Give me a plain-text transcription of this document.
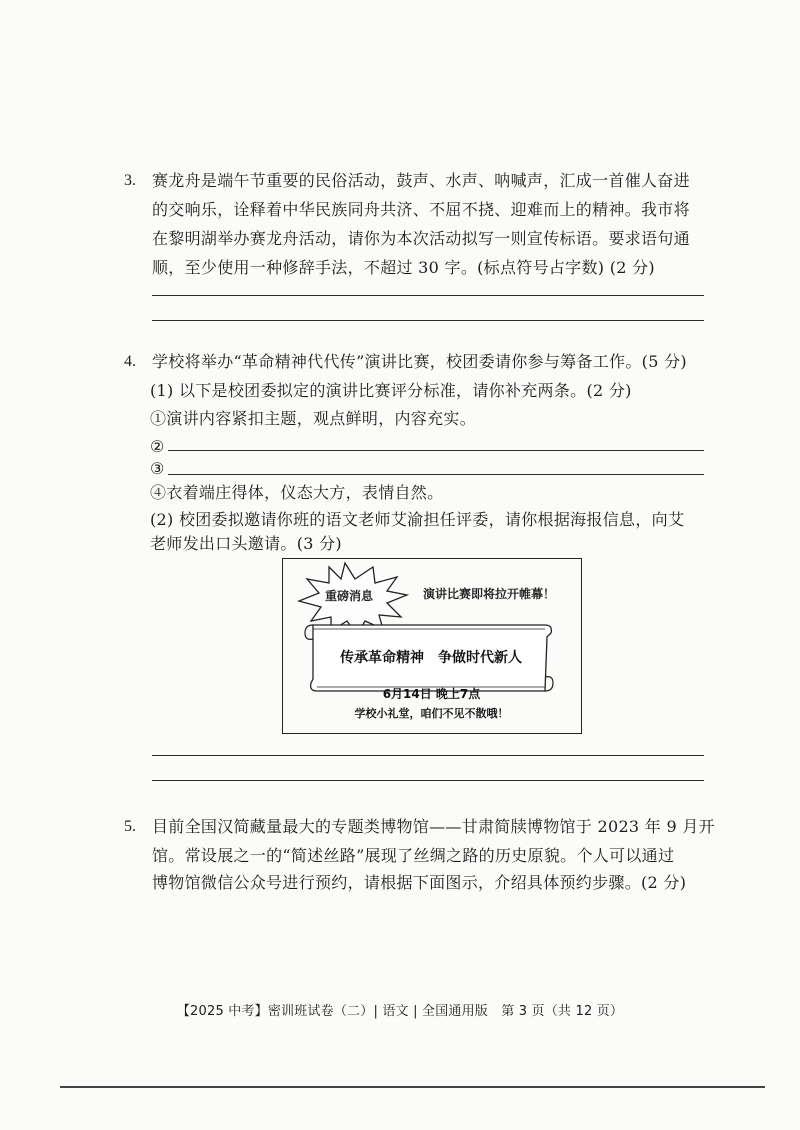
3. 赛龙舟是端午节重要的民俗活动，鼓声、水声、呐喊声，汇成一首催人奋进
的交响乐，诠释着中华民族同舟共济、不屈不挠、迎难而上的精神。我市将
在黎明湖举办赛龙舟活动，请你为本次活动拟写一则宣传标语。要求语句通
顺，至少使用一种修辞手法，不超过 30 字。(标点符号占字数) (2 分)
4. 学校将举办“革命精神代代传”演讲比赛，校团委请你参与筹备工作。(5 分)
(1) 以下是校团委拟定的演讲比赛评分标准，请你补充两条。(2 分)
①演讲内容紧扣主题，观点鲜明，内容充实。
②
③
④衣着端庄得体，仪态大方，表情自然。
(2) 校团委拟邀请你班的语文老师艾渝担任评委，请你根据海报信息，向艾
老师发出口头邀请。(3 分)
重磅消息	演讲比赛即将拉开帷幕！
传承革命精神　争做时代新人
6月14日 晚上7点
学校小礼堂，咱们不见不散哦！
5. 目前全国汉简藏量最大的专题类博物馆——甘肃简牍博物馆于 2023 年 9 月开
馆。常设展之一的“简述丝路”展现了丝绸之路的历史原貌。个人可以通过
博物馆微信公众号进行预约，请根据下面图示，介绍具体预约步骤。(2 分)
【2025 中考】密训班试卷（二）| 语文 | 全国通用版　第 3 页（共 12 页）
